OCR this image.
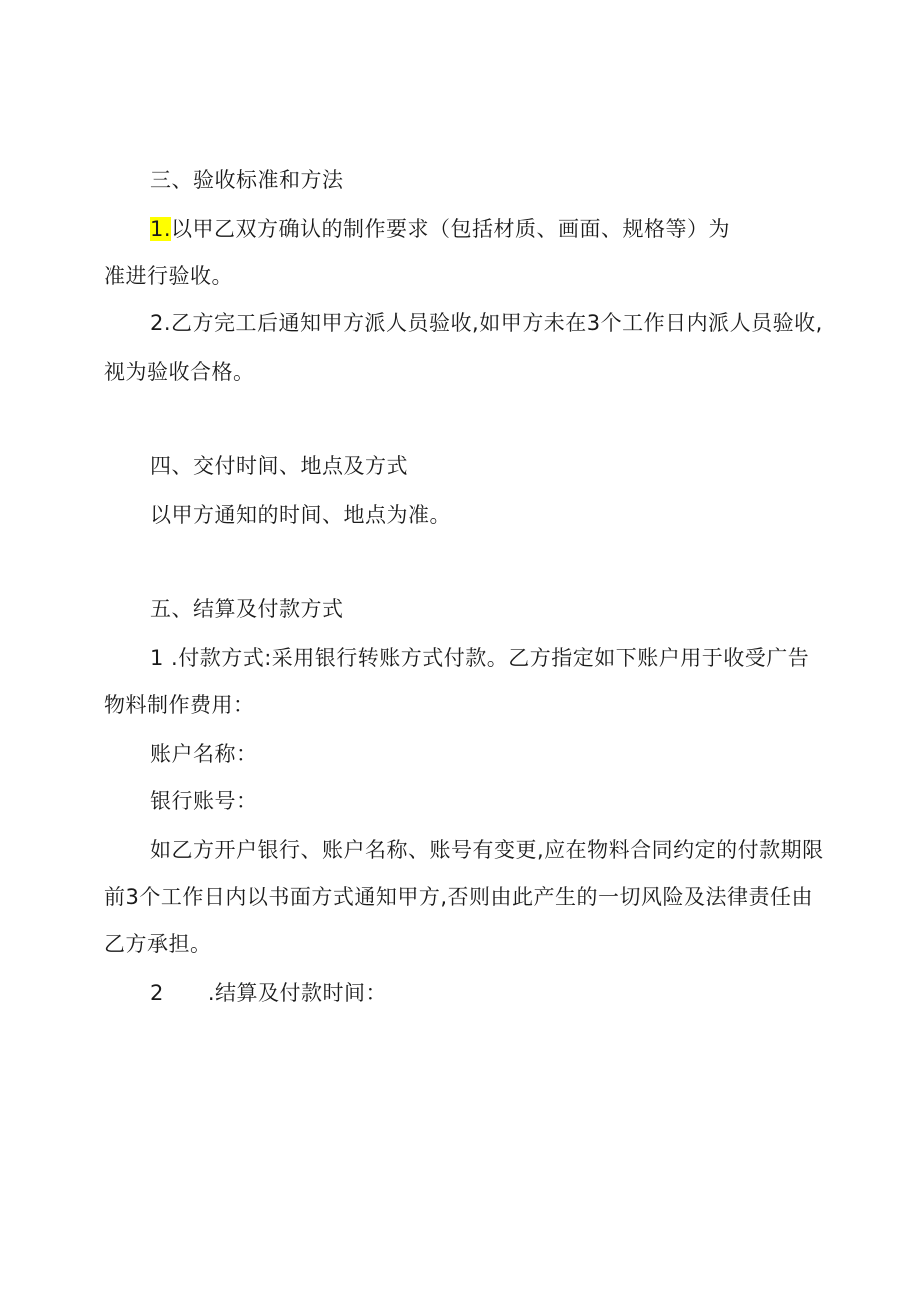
三、验收标准和方法
1.以甲乙双方确认的制作要求（包括材质、画面、规格等）为
准进行验收。
2.乙方完工后通知甲方派人员验收,如甲方未在3个工作日内派人员验收,
视为验收合格。
四、交付时间、地点及方式
以甲方通知的时间、地点为准。
五、结算及付款方式
1 .付款方式:采用银行转账方式付款。乙方指定如下账户用于收受广告
物料制作费用：
账户名称：
银行账号：
如乙方开户银行、账户名称、账号有变更,应在物料合同约定的付款期限
前3个工作日内以书面方式通知甲方,否则由此产生的一切风险及法律责任由
乙方承担。
2 .结算及付款时间：
